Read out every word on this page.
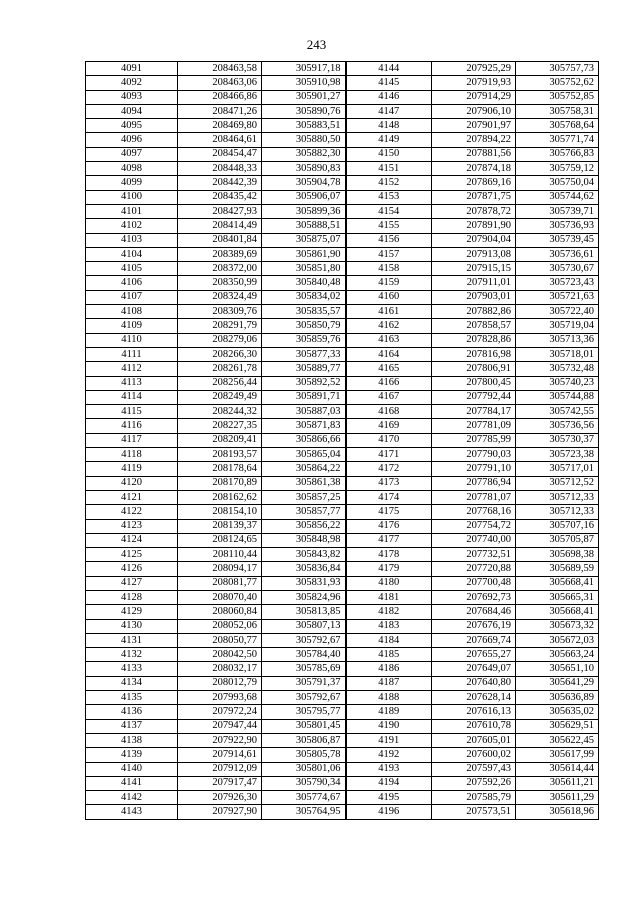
243
4091	208463,58	305917,18	4144	207925,29	305757,73
4092	208463,06	305910,98	4145	207919,93	305752,62
4093	208466,86	305901,27	4146	207914,29	305752,85
4094	208471,26	305890,76	4147	207906,10	305758,31
4095	208469,80	305883,51	4148	207901,97	305768,64
4096	208464,61	305880,50	4149	207894,22	305771,74
4097	208454,47	305882,30	4150	207881,56	305766,83
4098	208448,33	305890,83	4151	207874,18	305759,12
4099	208442,39	305904,78	4152	207869,16	305750,04
4100	208435,42	305906,07	4153	207871,75	305744,62
4101	208427,93	305899,36	4154	207878,72	305739,71
4102	208414,49	305888,51	4155	207891,90	305736,93
4103	208401,84	305875,07	4156	207904,04	305739,45
4104	208389,69	305861,90	4157	207913,08	305736,61
4105	208372,00	305851,80	4158	207915,15	305730,67
4106	208350,99	305840,48	4159	207911,01	305723,43
4107	208324,49	305834,02	4160	207903,01	305721,63
4108	208309,76	305835,57	4161	207882,86	305722,40
4109	208291,79	305850,79	4162	207858,57	305719,04
4110	208279,06	305859,76	4163	207828,86	305713,36
4111	208266,30	305877,33	4164	207816,98	305718,01
4112	208261,78	305889,77	4165	207806,91	305732,48
4113	208256,44	305892,52	4166	207800,45	305740,23
4114	208249,49	305891,71	4167	207792,44	305744,88
4115	208244,32	305887,03	4168	207784,17	305742,55
4116	208227,35	305871,83	4169	207781,09	305736,56
4117	208209,41	305866,66	4170	207785,99	305730,37
4118	208193,57	305865,04	4171	207790,03	305723,38
4119	208178,64	305864,22	4172	207791,10	305717,01
4120	208170,89	305861,38	4173	207786,94	305712,52
4121	208162,62	305857,25	4174	207781,07	305712,33
4122	208154,10	305857,77	4175	207768,16	305712,33
4123	208139,37	305856,22	4176	207754,72	305707,16
4124	208124,65	305848,98	4177	207740,00	305705,87
4125	208110,44	305843,82	4178	207732,51	305698,38
4126	208094,17	305836,84	4179	207720,88	305689,59
4127	208081,77	305831,93	4180	207700,48	305668,41
4128	208070,40	305824,96	4181	207692,73	305665,31
4129	208060,84	305813,85	4182	207684,46	305668,41
4130	208052,06	305807,13	4183	207676,19	305673,32
4131	208050,77	305792,67	4184	207669,74	305672,03
4132	208042,50	305784,40	4185	207655,27	305663,24
4133	208032,17	305785,69	4186	207649,07	305651,10
4134	208012,79	305791,37	4187	207640,80	305641,29
4135	207993,68	305792,67	4188	207628,14	305636,89
4136	207972,24	305795,77	4189	207616,13	305635,02
4137	207947,44	305801,45	4190	207610,78	305629,51
4138	207922,90	305806,87	4191	207605,01	305622,45
4139	207914,61	305805,78	4192	207600,02	305617,99
4140	207912,09	305801,06	4193	207597,43	305614,44
4141	207917,47	305790,34	4194	207592,26	305611,21
4142	207926,30	305774,67	4195	207585,79	305611,29
4143	207927,90	305764,95	4196	207573,51	305618,96
